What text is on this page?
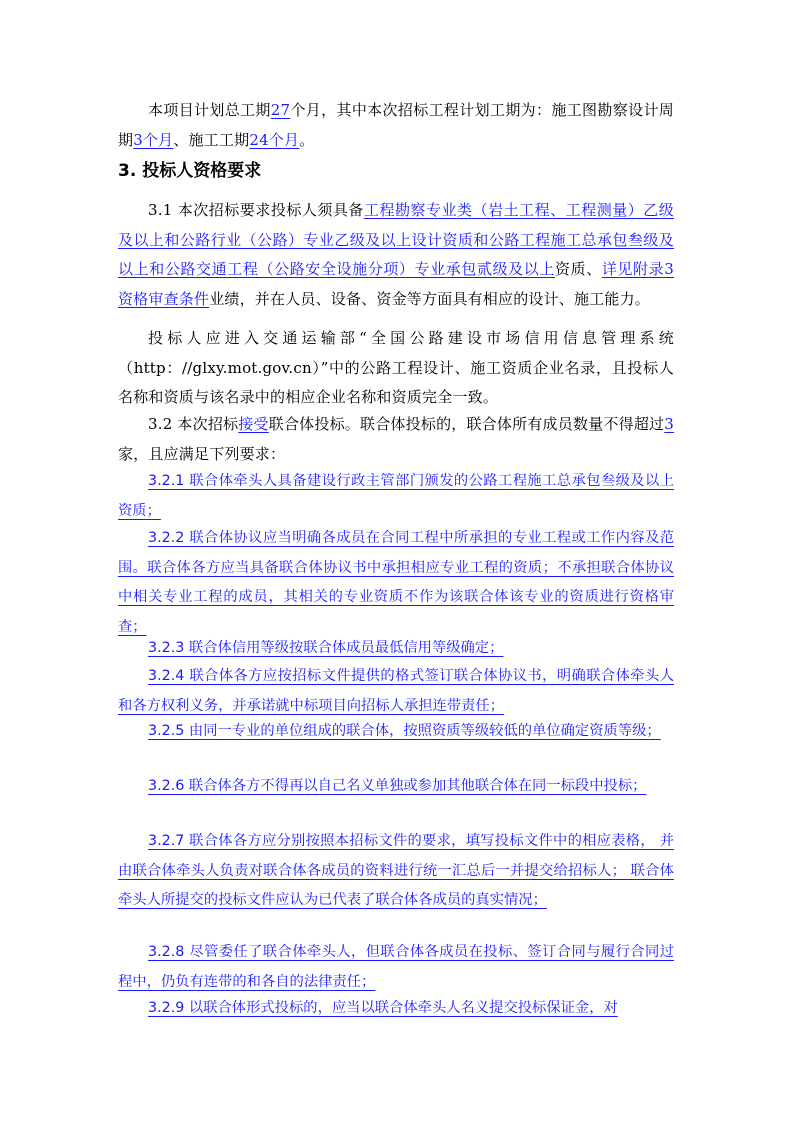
本项目计划总工期27个月，其中本次招标工程计划工期为：施工图勘察设计周期3个月、施工工期24个月。

3. 投标人资格要求

3.1 本次招标要求投标人须具备工程勘察专业类（岩土工程、工程测量）乙级及以上和公路行业（公路）专业乙级及以上设计资质和公路工程施工总承包叁级及以上和公路交通工程（公路安全设施分项）专业承包贰级及以上资质、详见附录3资格审查条件业绩，并在人员、设备、资金等方面具有相应的设计、施工能力。

投标人应进入交通运输部“全国公路建设市场信用信息管理系统（http：//glxy.mot.gov.cn）”中的公路工程设计、施工资质企业名录，且投标人名称和资质与该名录中的相应企业名称和资质完全一致。

3.2 本次招标接受联合体投标。联合体投标的，联合体所有成员数量不得超过3家，且应满足下列要求：

3.2.1 联合体牵头人具备建设行政主管部门颁发的公路工程施工总承包叁级及以上资质；

3.2.2 联合体协议应当明确各成员在合同工程中所承担的专业工程或工作内容及范围。联合体各方应当具备联合体协议书中承担相应专业工程的资质；不承担联合体协议中相关专业工程的成员，其相关的专业资质不作为该联合体该专业的资质进行资格审查；

3.2.3 联合体信用等级按联合体成员最低信用等级确定；

3.2.4 联合体各方应按招标文件提供的格式签订联合体协议书，明确联合体牵头人和各方权利义务，并承诺就中标项目向招标人承担连带责任；

3.2.5 由同一专业的单位组成的联合体，按照资质等级较低的单位确定资质等级；

3.2.6 联合体各方不得再以自己名义单独或参加其他联合体在同一标段中投标；

3.2.7 联合体各方应分别按照本招标文件的要求，填写投标文件中的相应表格， 并由联合体牵头人负责对联合体各成员的资料进行统一汇总后一并提交给招标人； 联合体牵头人所提交的投标文件应认为已代表了联合体各成员的真实情况；

3.2.8 尽管委任了联合体牵头人，但联合体各成员在投标、签订合同与履行合同过程中，仍负有连带的和各自的法律责任；

3.2.9 以联合体形式投标的，应当以联合体牵头人名义提交投标保证金，对
